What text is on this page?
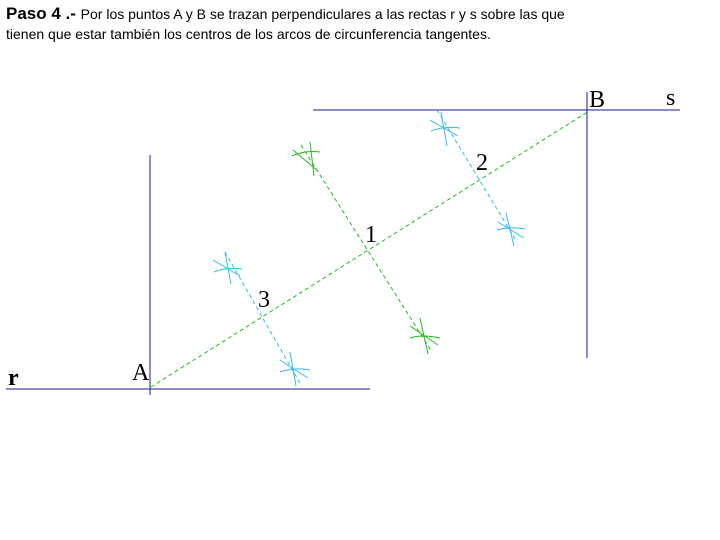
Paso 4 .- Por los puntos A y B se trazan perpendiculares a las rectas r y s sobre las que
tienen que estar también los centros de los arcos de circunferencia tangentes.
B	s
A
r
1
2
3
